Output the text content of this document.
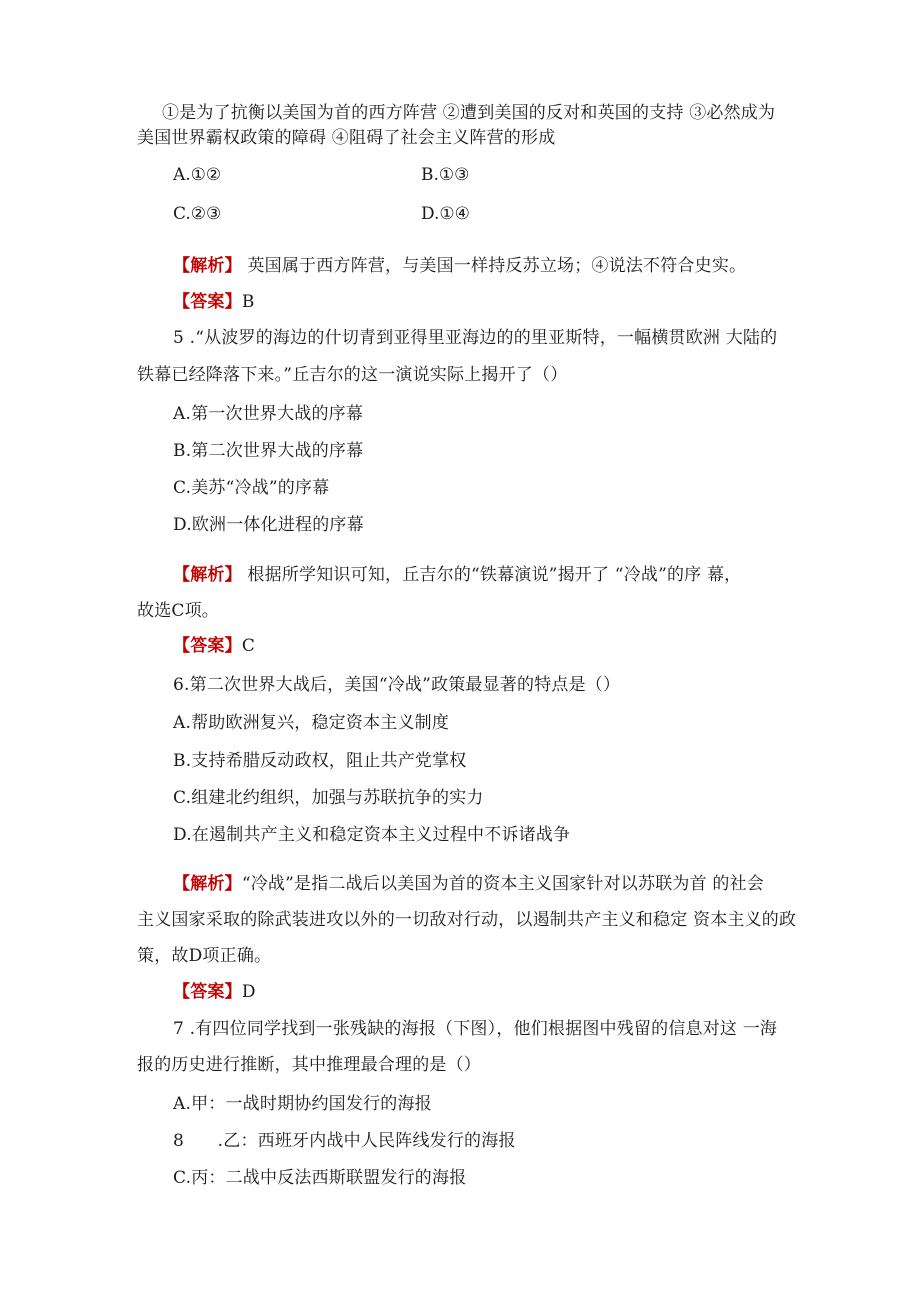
①是为了抗衡以美国为首的西方阵营 ②遭到美国的反对和英国的支持 ③必然成为
美国世界霸权政策的障碍 ④阻碍了社会主义阵营的形成
A.①②	B.①③
C.②③	D.①④
【解析】 英国属于西方阵营，与美国一样持反苏立场；④说法不符合史实。
【答案】B
5 .“从波罗的海边的什切青到亚得里亚海边的的里亚斯特，一幅横贯欧洲 大陆的
铁幕已经降落下来。”丘吉尔的这一演说实际上揭开了（）
A.第一次世界大战的序幕
B.第二次世界大战的序幕
C.美苏“冷战”的序幕
D.欧洲一体化进程的序幕
【解析】 根据所学知识可知，丘吉尔的“铁幕演说”揭开了 “冷战”的序 幕，
故选C项。
【答案】C
6.第二次世界大战后，美国“冷战”政策最显著的特点是（）
A.帮助欧洲复兴，稳定资本主义制度
B.支持希腊反动政权，阻止共产党掌权
C.组建北约组织，加强与苏联抗争的实力
D.在遏制共产主义和稳定资本主义过程中不诉诸战争
【解析】“冷战”是指二战后以美国为首的资本主义国家针对以苏联为首 的社会
主义国家采取的除武装进攻以外的一切敌对行动，以遏制共产主义和稳定 资本主义的政
策，故D项正确。
【答案】D
7 .有四位同学找到一张残缺的海报（下图），他们根据图中残留的信息对这 一海
报的历史进行推断，其中推理最合理的是（）
A.甲：一战时期协约国发行的海报
8      .乙：西班牙内战中人民阵线发行的海报
C.丙：二战中反法西斯联盟发行的海报
